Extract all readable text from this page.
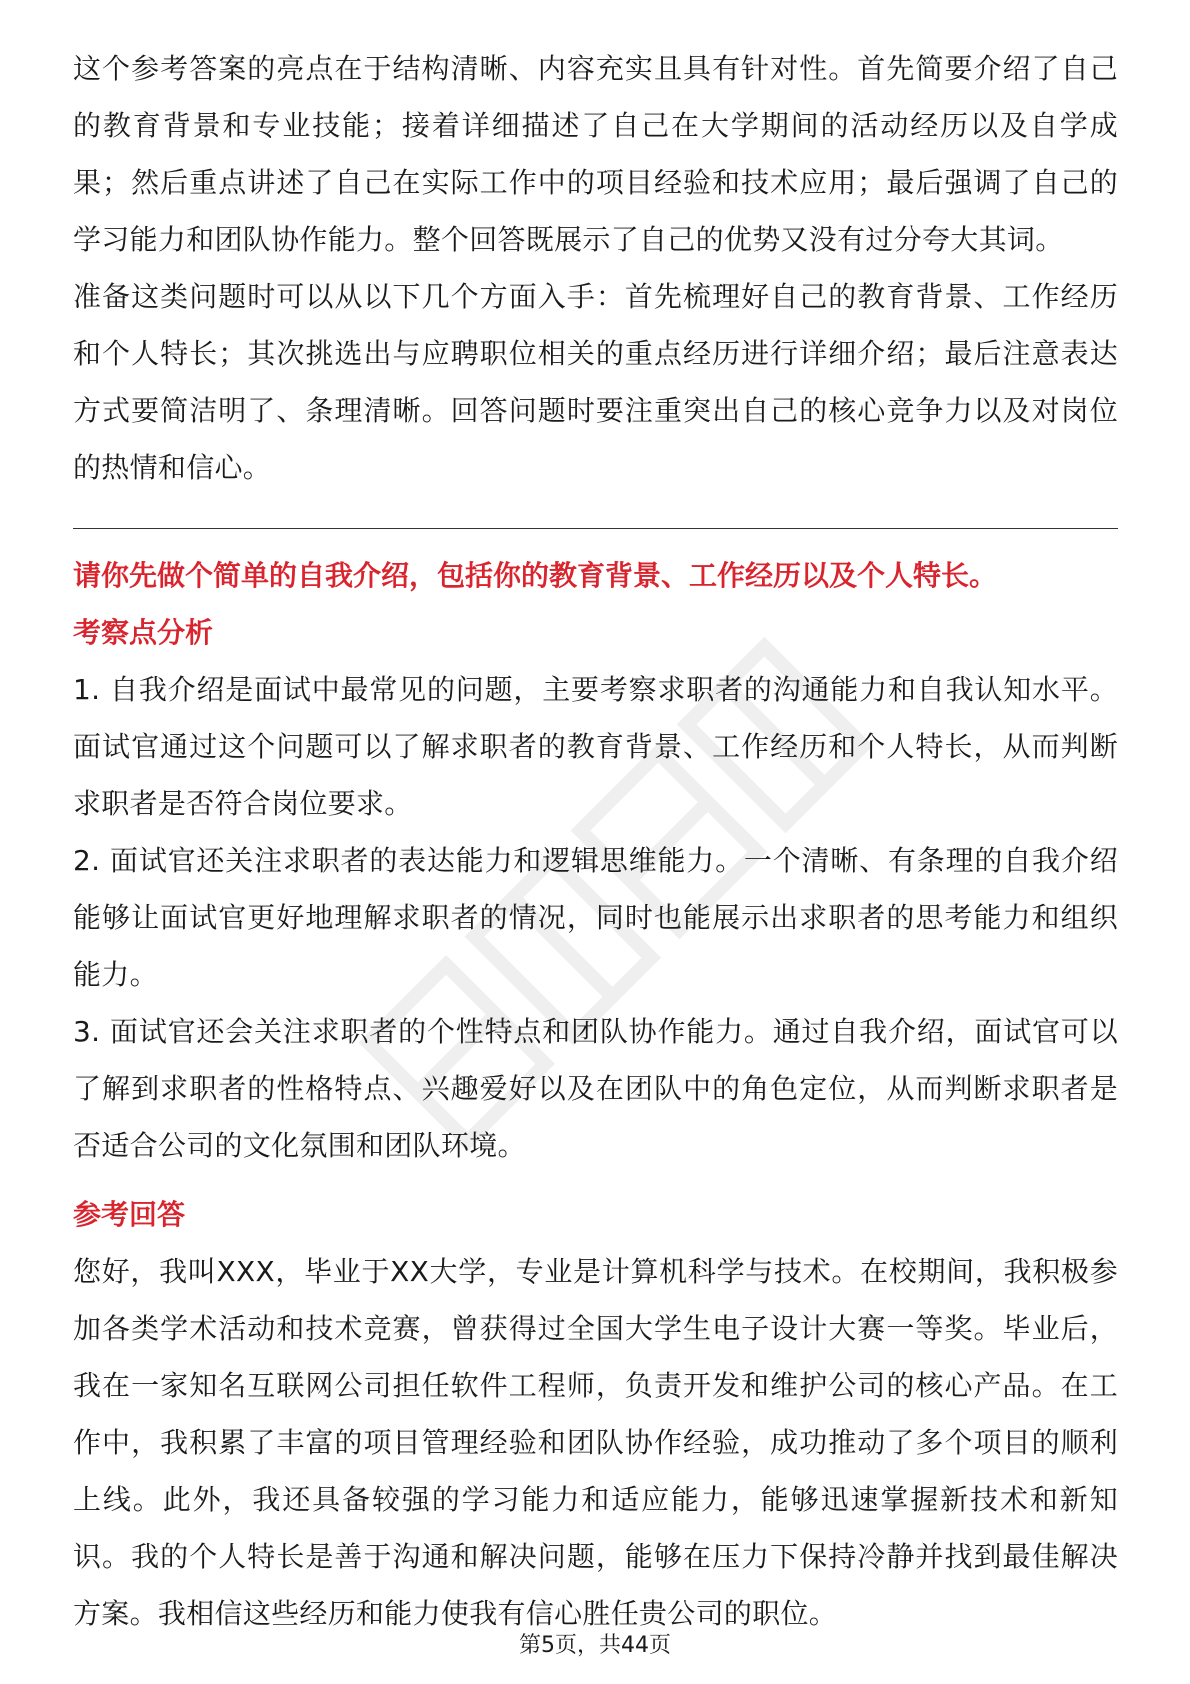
这个参考答案的亮点在于结构清晰、内容充实且具有针对性。首先简要介绍了自己的教育背景和专业技能；接着详细描述了自己在大学期间的活动经历以及自学成果；然后重点讲述了自己在实际工作中的项目经验和技术应用；最后强调了自己的学习能力和团队协作能力。整个回答既展示了自己的优势又没有过分夸大其词。

准备这类问题时可以从以下几个方面入手：首先梳理好自己的教育背景、工作经历和个人特长；其次挑选出与应聘职位相关的重点经历进行详细介绍；最后注意表达方式要简洁明了、条理清晰。回答问题时要注重突出自己的核心竞争力以及对岗位的热情和信心。

请你先做个简单的自我介绍，包括你的教育背景、工作经历以及个人特长。

考察点分析

1. 自我介绍是面试中最常见的问题，主要考察求职者的沟通能力和自我认知水平。面试官通过这个问题可以了解求职者的教育背景、工作经历和个人特长，从而判断求职者是否符合岗位要求。

2. 面试官还关注求职者的表达能力和逻辑思维能力。一个清晰、有条理的自我介绍能够让面试官更好地理解求职者的情况，同时也能展示出求职者的思考能力和组织能力。

3. 面试官还会关注求职者的个性特点和团队协作能力。通过自我介绍，面试官可以了解到求职者的性格特点、兴趣爱好以及在团队中的角色定位，从而判断求职者是否适合公司的文化氛围和团队环境。

参考回答

您好，我叫XXX，毕业于XX大学，专业是计算机科学与技术。在校期间，我积极参加各类学术活动和技术竞赛，曾获得过全国大学生电子设计大赛一等奖。毕业后，我在一家知名互联网公司担任软件工程师，负责开发和维护公司的核心产品。在工作中，我积累了丰富的项目管理经验和团队协作经验，成功推动了多个项目的顺利上线。此外，我还具备较强的学习能力和适应能力，能够迅速掌握新技术和新知识。我的个人特长是善于沟通和解决问题，能够在压力下保持冷静并找到最佳解决方案。我相信这些经历和能力使我有信心胜任贵公司的职位。

第5页，共44页
